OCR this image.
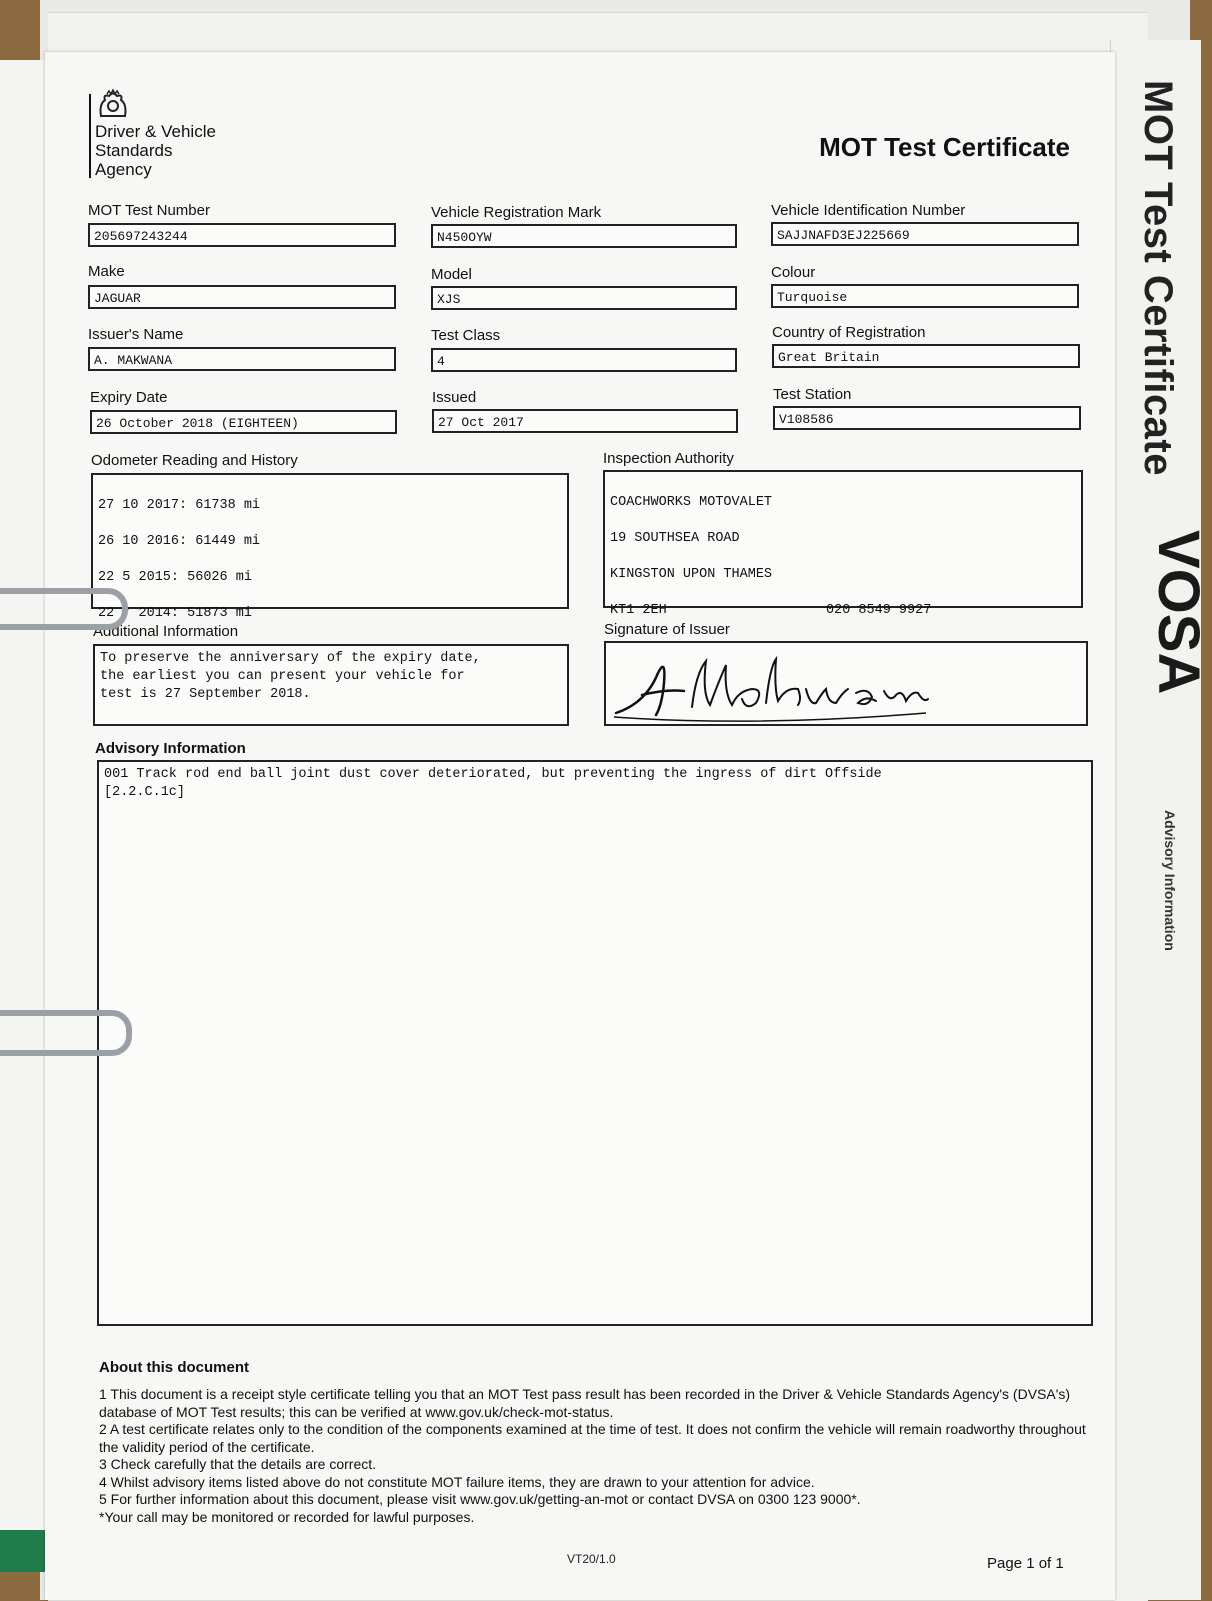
MOT Test Certificate
VOSA
Advisory Information
Driver & Vehicle
Standards
Agency
MOT Test Certificate
MOT Test Number
205697243244
Vehicle Registration Mark
N450OYW
Vehicle Identification Number
SAJJNAFD3EJ225669
Make
JAGUAR
Model
XJS
Colour
Turquoise
Issuer's Name
A. MAKWANA
Test Class
4
Country of Registration
Great Britain
Expiry Date
26 October 2018 (EIGHTEEN)
Issued
27 Oct 2017
Test Station
V108586
Odometer Reading and History

27 10 2017: 61738 mi

26 10 2016: 61449 mi

22 5 2015: 56026 mi

22 7 2014: 51873 mi

Inspection Authority

COACHWORKS MOTOVALET

19 SOUTHSEA ROAD

KINGSTON UPON THAMES

KT1 2EH	020 8549 9927

Additional Information
To preserve the anniversary of the expiry date,
the earliest you can present your vehicle for
test is 27 September 2018.
Signature of Issuer
A.Makwana
Advisory Information
001 Track rod end ball joint dust cover deteriorated, but preventing the ingress of dirt Offside
[2.2.C.1c]
About this document
1 This document is a receipt style certificate telling you that an MOT Test pass result has been recorded in the Driver & Vehicle Standards Agency's (DVSA's) database of MOT Test results; this can be verified at www.gov.uk/check-mot-status.
2 A test certificate relates only to the condition of the components examined at the time of test. It does not confirm the vehicle will remain roadworthy throughout the validity period of the certificate.
3 Check carefully that the details are correct.
4 Whilst advisory items listed above do not constitute MOT failure items, they are drawn to your attention for advice.
5 For further information about this document, please visit www.gov.uk/getting-an-mot or contact DVSA on 0300 123 9000*.
*Your call may be monitored or recorded for lawful purposes.
VT20/1.0	Page 1 of 1
